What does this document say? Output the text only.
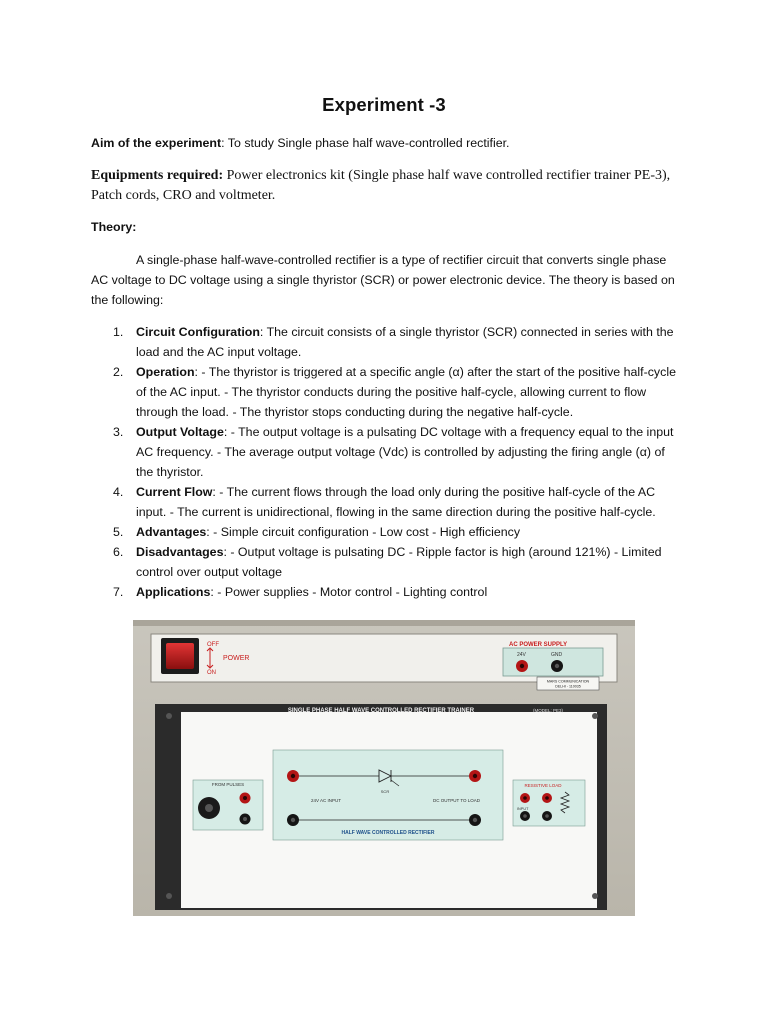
Experiment -3
Aim of the experiment: To study Single phase half wave-controlled rectifier.
Equipments required: Power electronics kit (Single phase half wave controlled rectifier trainer PE-3), Patch cords, CRO and voltmeter.
Theory:
A single-phase half-wave-controlled rectifier is a type of rectifier circuit that converts single phase AC voltage to DC voltage using a single thyristor (SCR) or power electronic device. The theory is based on the following:
1. Circuit Configuration: The circuit consists of a single thyristor (SCR) connected in series with the load and the AC input voltage.
2. Operation: - The thyristor is triggered at a specific angle (α) after the start of the positive half-cycle of the AC input. - The thyristor conducts during the positive half-cycle, allowing current to flow through the load. - The thyristor stops conducting during the negative half-cycle.
3. Output Voltage: - The output voltage is a pulsating DC voltage with a frequency equal to the input AC frequency. - The average output voltage (Vdc) is controlled by adjusting the firing angle (α) of the thyristor.
4. Current Flow: - The current flows through the load only during the positive half-cycle of the AC input. - The current is unidirectional, flowing in the same direction during the positive half-cycle.
5. Advantages: - Simple circuit configuration - Low cost - High efficiency
6. Disadvantages: - Output voltage is pulsating DC - Ripple factor is high (around 121%) - Limited control over output voltage
7. Applications: - Power supplies - Motor control - Lighting control
OFF
POWER
ON
AC POWER SUPPLY
24V	GND
MARS COMMUNICATION
DELHI - 110035
SINGLE PHASE HALF WAVE CONTROLLED RECTIFIER TRAINER	(MODEL: PE3)
FROM PULSES
SCR
24V AC INPUT	DC OUTPUT TO LOAD
HALF WAVE CONTROLLED RECTIFIER
RESISTIVE LOAD
INPUT
